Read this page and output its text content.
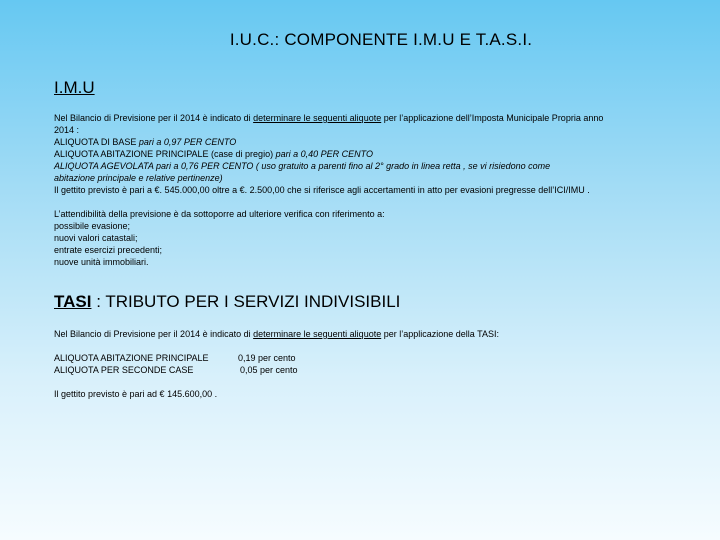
I.U.C.: COMPONENTE I.M.U E T.A.S.I.
I.M.U
Nel Bilancio di Previsione per il 2014 è indicato di determinare le seguenti aliquote per l’applicazione dell’Imposta Municipale Propria anno
2014 :
ALIQUOTA DI BASE pari a 0,97 PER CENTO
ALIQUOTA ABITAZIONE PRINCIPALE (case di pregio) pari a 0,40 PER CENTO
ALIQUOTA AGEVOLATA pari a 0,76 PER CENTO ( uso gratuito a parenti fino al 2° grado in linea retta , se vi risiedono come
abitazione principale e relative pertinenze)
Il gettito previsto è pari a €. 545.000,00 oltre a €. 2.500,00 che si riferisce agli accertamenti in atto per evasioni pregresse dell’ICI/IMU .
L’attendibilità della previsione è da sottoporre ad ulteriore verifica con riferimento a:
possibile evasione;
nuovi valori catastali;
entrate esercizi precedenti;
nuove unità immobiliari.
TASI : TRIBUTO PER I SERVIZI INDIVISIBILI
Nel Bilancio di Previsione per il 2014 è indicato di determinare le seguenti aliquote per l’applicazione della TASI:
ALIQUOTA ABITAZIONE PRINCIPALE	0,19 per cento
ALIQUOTA PER SECONDE CASE	0,05 per cento
Il gettito previsto è pari ad € 145.600,00 .
